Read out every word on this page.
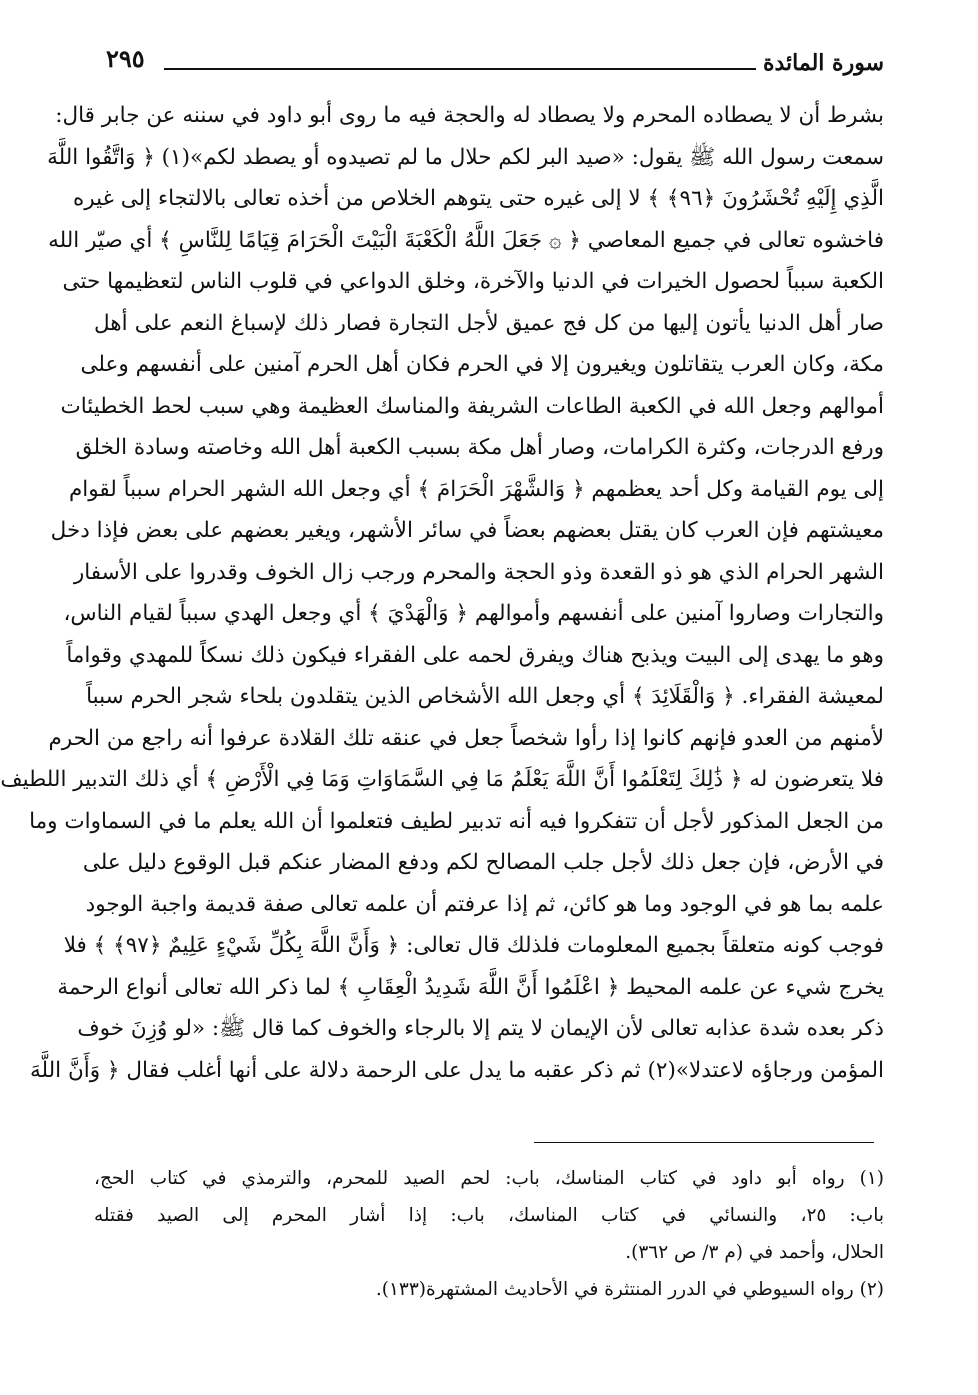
٢٩٥	سورة المائدة
بشرط أن لا يصطاده المحرم ولا يصطاد له والحجة فيه ما روى أبو داود في سننه عن جابر قال:
سمعت رسول الله ﷺ يقول: «صيد البر لكم حلال ما لم تصيدوه أو يصطد لكم»(١) ﴿ وَاتَّقُوا اللَّهَ
الَّذِي إِلَيْهِ تُحْشَرُونَ ﴿٩٦﴾ ﴾ لا إلى غيره حتى يتوهم الخلاص من أخذه تعالى بالالتجاء إلى غيره
فاخشوه تعالى في جميع المعاصي ﴿ ۞ جَعَلَ اللَّهُ الْكَعْبَةَ الْبَيْتَ الْحَرَامَ قِيَامًا لِلنَّاسِ ﴾ أي صيّر الله
الكعبة سبباً لحصول الخيرات في الدنيا والآخرة، وخلق الدواعي في قلوب الناس لتعظيمها حتى
صار أهل الدنيا يأتون إليها من كل فج عميق لأجل التجارة فصار ذلك لإسباغ النعم على أهل
مكة، وكان العرب يتقاتلون ويغيرون إلا في الحرم فكان أهل الحرم آمنين على أنفسهم وعلى
أموالهم وجعل الله في الكعبة الطاعات الشريفة والمناسك العظيمة وهي سبب لحط الخطيئات
ورفع الدرجات، وكثرة الكرامات، وصار أهل مكة بسبب الكعبة أهل الله وخاصته وسادة الخلق
إلى يوم القيامة وكل أحد يعظمهم ﴿ وَالشَّهْرَ الْحَرَامَ ﴾ أي وجعل الله الشهر الحرام سبباً لقوام
معيشتهم فإن العرب كان يقتل بعضهم بعضاً في سائر الأشهر، ويغير بعضهم على بعض فإذا دخل
الشهر الحرام الذي هو ذو القعدة وذو الحجة والمحرم ورجب زال الخوف وقدروا على الأسفار
والتجارات وصاروا آمنين على أنفسهم وأموالهم ﴿ وَالْهَدْيَ ﴾ أي وجعل الهدي سبباً لقيام الناس،
وهو ما يهدى إلى البيت ويذبح هناك ويفرق لحمه على الفقراء فيكون ذلك نسكاً للمهدي وقواماً
لمعيشة الفقراء. ﴿ وَالْقَلَائِدَ ﴾ أي وجعل الله الأشخاص الذين يتقلدون بلحاء شجر الحرم سبباً
لأمنهم من العدو فإنهم كانوا إذا رأوا شخصاً جعل في عنقه تلك القلادة عرفوا أنه راجع من الحرم
فلا يتعرضون له ﴿ ذَٰلِكَ لِتَعْلَمُوا أَنَّ اللَّهَ يَعْلَمُ مَا فِي السَّمَاوَاتِ وَمَا فِي الْأَرْضِ ﴾ أي ذلك التدبير اللطيف
من الجعل المذكور لأجل أن تتفكروا فيه أنه تدبير لطيف فتعلموا أن الله يعلم ما في السماوات وما
في الأرض، فإن جعل ذلك لأجل جلب المصالح لكم ودفع المضار عنكم قبل الوقوع دليل على
علمه بما هو في الوجود وما هو كائن، ثم إذا عرفتم أن علمه تعالى صفة قديمة واجبة الوجود
فوجب كونه متعلقاً بجميع المعلومات فلذلك قال تعالى: ﴿ وَأَنَّ اللَّهَ بِكُلِّ شَيْءٍ عَلِيمٌ ﴿٩٧﴾ ﴾ فلا
يخرج شيء عن علمه المحيط ﴿ اعْلَمُوا أَنَّ اللَّهَ شَدِيدُ الْعِقَابِ ﴾ لما ذكر الله تعالى أنواع الرحمة
ذكر بعده شدة عذابه تعالى لأن الإيمان لا يتم إلا بالرجاء والخوف كما قال ﷺ: «لو وُزِنَ خوف
المؤمن ورجاؤه لاعتدلا»(٢) ثم ذكر عقبه ما يدل على الرحمة دلالة على أنها أغلب فقال ﴿ وَأَنَّ اللَّهَ
(١) رواه أبو داود في كتاب المناسك، باب: لحم الصيد للمحرم، والترمذي في كتاب الحج،
باب: ٢٥، والنسائي في كتاب المناسك، باب: إذا أشار المحرم إلى الصيد فقتله
الحلال، وأحمد في (م ٣/ ص ٣٦٢).
(٢) رواه السيوطي في الدرر المنتثرة في الأحاديث المشتهرة(١٣٣).
